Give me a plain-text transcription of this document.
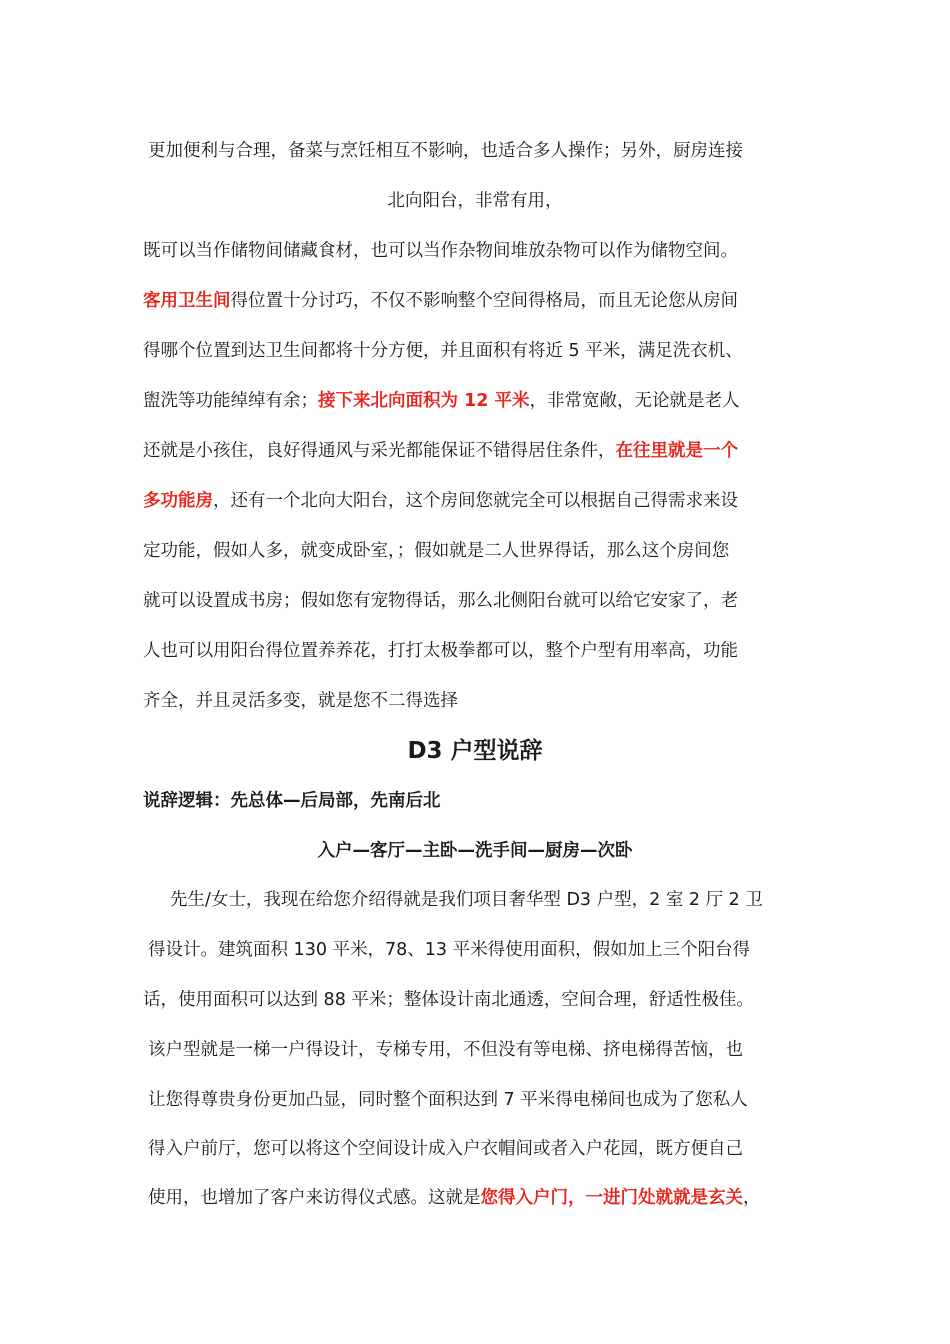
更加便利与合理，备菜与烹饪相互不影响，也适合多人操作；另外，厨房连接
北向阳台，非常有用，
既可以当作储物间储藏食材，也可以当作杂物间堆放杂物可以作为储物空间。
客用卫生间得位置十分讨巧，不仅不影响整个空间得格局，而且无论您从房间
得哪个位置到达卫生间都将十分方便，并且面积有将近 5 平米，满足洗衣机、
盥洗等功能绰绰有余；接下来北向面积为 12 平米，非常宽敞，无论就是老人
还就是小孩住，良好得通风与采光都能保证不错得居住条件，在往里就是一个
多功能房，还有一个北向大阳台，这个房间您就完全可以根据自己得需求来设
定功能，假如人多，就变成卧室，；假如就是二人世界得话，那么这个房间您
就可以设置成书房；假如您有宠物得话，那么北侧阳台就可以给它安家了，老
人也可以用阳台得位置养养花，打打太极拳都可以，整个户型有用率高，功能
齐全，并且灵活多变，就是您不二得选择
D3 户型说辞
说辞逻辑：先总体—后局部，先南后北
入户—客厅—主卧—洗手间—厨房—次卧
先生/女士，我现在给您介绍得就是我们项目奢华型 D3 户型，2 室 2 厅 2 卫
得设计。建筑面积 130 平米，78、13 平米得使用面积，假如加上三个阳台得
话，使用面积可以达到 88 平米；整体设计南北通透，空间合理，舒适性极佳。
该户型就是一梯一户得设计，专梯专用，不但没有等电梯、挤电梯得苦恼，也
让您得尊贵身份更加凸显，同时整个面积达到 7 平米得电梯间也成为了您私人
得入户前厅，您可以将这个空间设计成入户衣帽间或者入户花园，既方便自己
使用，也增加了客户来访得仪式感。这就是您得入户门，一进门处就就是玄关，
